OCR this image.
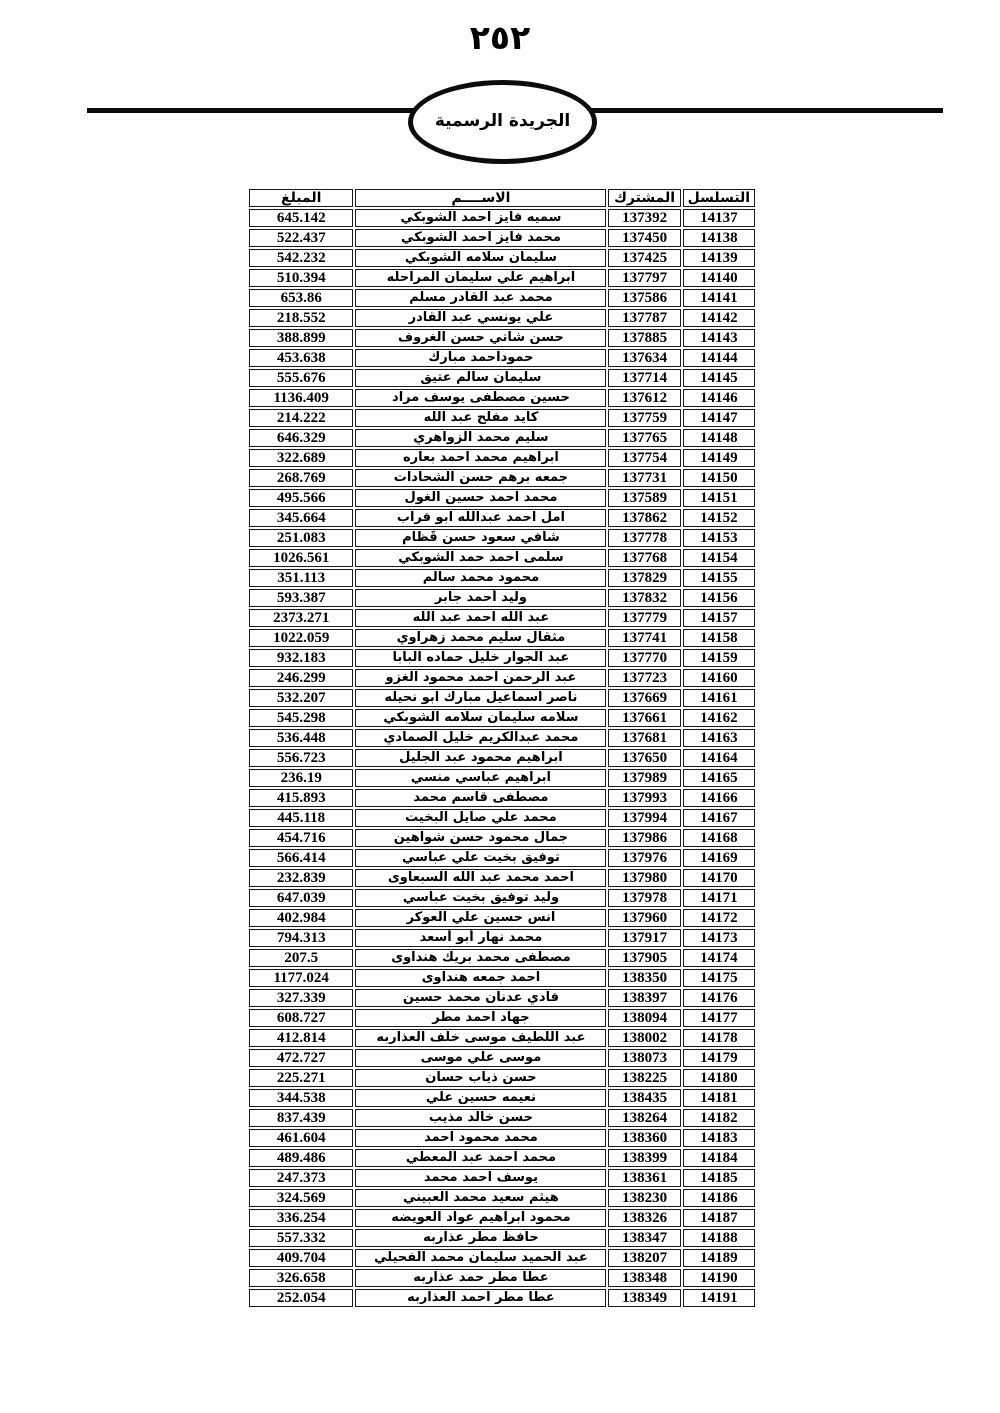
٢٥٢
الجريدة الرسمية
التسلسل	المشترك	الاســــم	المبلغ
14137	137392	سميه فايز احمد الشوبكي	645.142
14138	137450	محمد فايز احمد الشوبكي	522.437
14139	137425	سليمان سلامه الشوبكي	542.232
14140	137797	ابراهيم علي سليمان المراحله	510.394
14141	137586	محمد عبد القادر مسلم	653.86
14142	137787	علي يونسي عبد القادر	218.552
14143	137885	حسن شاتي حسن الغروف	388.899
14144	137634	حموداحمد مبارك	453.638
14145	137714	سليمان سالم عتيق	555.676
14146	137612	حسين مصطفى يوسف مراد	1136.409
14147	137759	كايد مفلح عبد الله	214.222
14148	137765	سليم محمد الزواهري	646.329
14149	137754	ابراهيم محمد احمد بعاره	322.689
14150	137731	جمعه برهم حسن الشحادات	268.769
14151	137589	محمد احمد حسين الغول	495.566
14152	137862	امل احمد عبدالله ابو فراب	345.664
14153	137778	شافي سعود حسن قَظام	251.083
14154	137768	سلمى احمد حمد الشوبكي	1026.561
14155	137829	محمود محمد سالم	351.113
14156	137832	وليد أحمد جابر	593.387
14157	137779	عبد الله احمد عبد الله	2373.271
14158	137741	مثقال سليم محمد زهراوي	1022.059
14159	137770	عبد الجوار خليل حماده البابا	932.183
14160	137723	عبد الرحمن احمد محمود الغزو	246.299
14161	137669	ناصر اسماعيل مبارك ابو نحيله	532.207
14162	137661	سلامه سليمان سلامه الشوبكي	545.298
14163	137681	محمد عبدالكريم خليل الصمادي	536.448
14164	137650	ابراهيم محمود عبد الجليل	556.723
14165	137989	ابراهيم عباسي منسي	236.19
14166	137993	مصطفى قاسم محمد	415.893
14167	137994	محمد علي صايل البخيت	445.118
14168	137986	جمال محمود حسن شواهين	454.716
14169	137976	توفيق بخيت علي عباسي	566.414
14170	137980	احمد محمد عبد الله السبعاوى	232.839
14171	137978	وليد توفيق بخيت عباسي	647.039
14172	137960	انس حسين علي العوكر	402.984
14173	137917	محمد نهار أبو أسعد	794.313
14174	137905	مصطفى محمد بريك هنداوى	207.5
14175	138350	احمد جمعه هنداوى	1177.024
14176	138397	فادي عدنان محمد حسين	327.339
14177	138094	جهاد احمد مطر	608.727
14178	138002	عبد اللطيف موسى خلف العذاربه	412.814
14179	138073	موسى علي موسى	472.727
14180	138225	حسن ذياب حسان	225.271
14181	138435	نعيمه حسين علي	344.538
14182	138264	حسن خالد مذيب	837.439
14183	138360	محمد محمود احمد	461.604
14184	138399	محمد احمد عبد المعطي	489.486
14185	138361	يوسف احمد محمد	247.373
14186	138230	هيثم سعيد محمد العبيني	324.569
14187	138326	محمود ابراهيم عواد العويضه	336.254
14188	138347	حافظ مطر عذاربه	557.332
14189	138207	عبد الحميد سليمان محمد الفحيلي	409.704
14190	138348	عطا مطر حمد عذاربه	326.658
14191	138349	عطا مطر احمد العذاربه	252.054
